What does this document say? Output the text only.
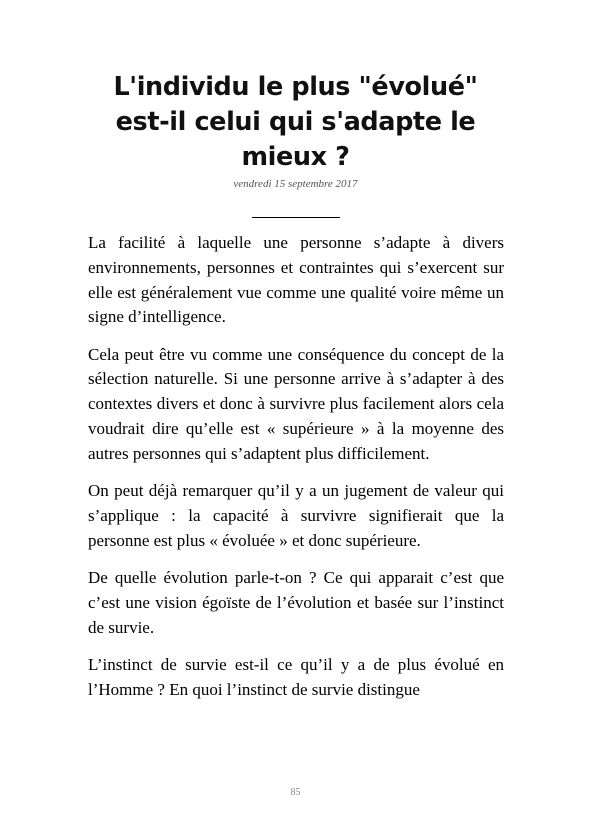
L'individu le plus "évolué" est-il celui qui s'adapte le mieux ?
vendredi 15 septembre 2017

La facilité à laquelle une personne s’adapte à divers environnements, personnes et contraintes qui s’exercent sur elle est généralement vue comme une qualité voire même un signe d’intelligence.

Cela peut être vu comme une conséquence du concept de la sélection naturelle. Si une personne arrive à s’adapter à des contextes divers et donc à survivre plus facilement alors cela voudrait dire qu’elle est « supérieure » à la moyenne des autres personnes qui s’adaptent plus difficilement.

On peut déjà remarquer qu’il y a un jugement de valeur qui s’applique : la capacité à survivre signifierait que la personne est plus « évoluée » et donc supérieure.

De quelle évolution parle-t-on ? Ce qui apparait c’est que c’est une vision égoïste de l’évolution et basée sur l’instinct de survie.

L’instinct de survie est-il ce qu’il y a de plus évolué en l’Homme ? En quoi l’instinct de survie distingue

85
